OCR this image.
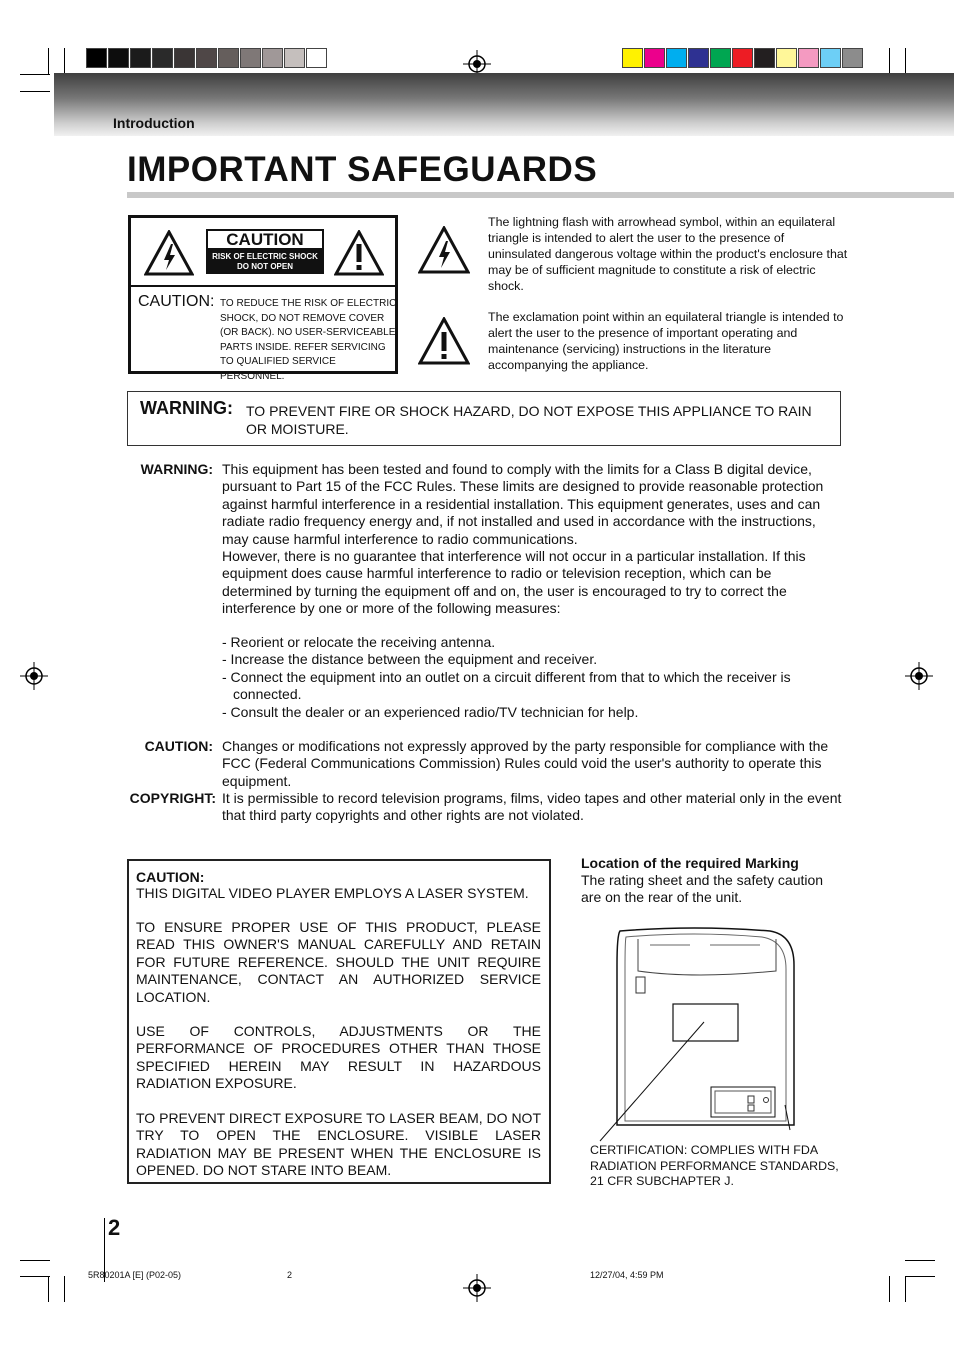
Introduction
IMPORTANT SAFEGUARDS
CAUTION
RISK OF ELECTRIC SHOCK
DO NOT OPEN
CAUTION: TO REDUCE THE RISK OF ELECTRIC SHOCK, DO NOT REMOVE COVER (OR BACK). NO USER-SERVICEABLE PARTS INSIDE. REFER SERVICING TO QUALIFIED SERVICE PERSONNEL.
The lightning flash with arrowhead symbol, within an equilateral triangle is intended to alert the user to the presence of uninsulated dangerous voltage within the product's enclosure that may be of sufficient magnitude to constitute a risk of electric shock.
The exclamation point within an equilateral triangle is intended to alert the user to the presence of important operating and maintenance (servicing) instructions in the literature accompanying the appliance.
WARNING: TO PREVENT FIRE OR SHOCK HAZARD, DO NOT EXPOSE THIS APPLIANCE TO RAIN OR MOISTURE.
WARNING: This equipment has been tested and found to comply with the limits for a Class B digital device, pursuant to Part 15 of the FCC Rules. These limits are designed to provide reasonable protection against harmful interference in a residential installation. This equipment generates, uses and can radiate radio frequency energy and, if not installed and used in accordance with the instructions, may cause harmful interference to radio communications.
However, there is no guarantee that interference will not occur in a particular installation. If this equipment does cause harmful interference to radio or television reception, which can be determined by turning the equipment off and on, the user is encouraged to try to correct the interference by one or more of the following measures:
- Reorient or relocate the receiving antenna.
- Increase the distance between the equipment and receiver.
- Connect the equipment into an outlet on a circuit different from that to which the receiver is connected.
- Consult the dealer or an experienced radio/TV technician for help.
CAUTION: Changes or modifications not expressly approved by the party responsible for compliance with the FCC (Federal Communications Commission) Rules could void the user's authority to operate this equipment.
COPYRIGHT: It is permissible to record television programs, films, video tapes and other material only in the event that third party copyrights and other rights are not violated.
CAUTION:

THIS DIGITAL VIDEO PLAYER EMPLOYS A LASER SYSTEM.

TO ENSURE PROPER USE OF THIS PRODUCT, PLEASE READ THIS OWNER'S MANUAL CAREFULLY AND RETAIN FOR FUTURE REFERENCE. SHOULD THE UNIT REQUIRE MAINTENANCE, CONTACT AN AUTHORIZED SERVICE LOCATION.

USE OF CONTROLS, ADJUSTMENTS OR THE PERFORMANCE OF PROCEDURES OTHER THAN THOSE SPECIFIED HEREIN MAY RESULT IN HAZARDOUS RADIATION EXPOSURE.

TO PREVENT DIRECT EXPOSURE TO LASER BEAM, DO NOT TRY TO OPEN THE ENCLOSURE. VISIBLE LASER RADIATION MAY BE PRESENT WHEN THE ENCLOSURE IS OPENED. DO NOT STARE INTO BEAM.

Location of the required Marking
The rating sheet and the safety caution are on the rear of the unit.
CERTIFICATION: COMPLIES WITH FDA RADIATION PERFORMANCE STANDARDS, 21 CFR SUBCHAPTER J.
2
5R80201A [E] (P02-05)	2	12/27/04, 4:59 PM
